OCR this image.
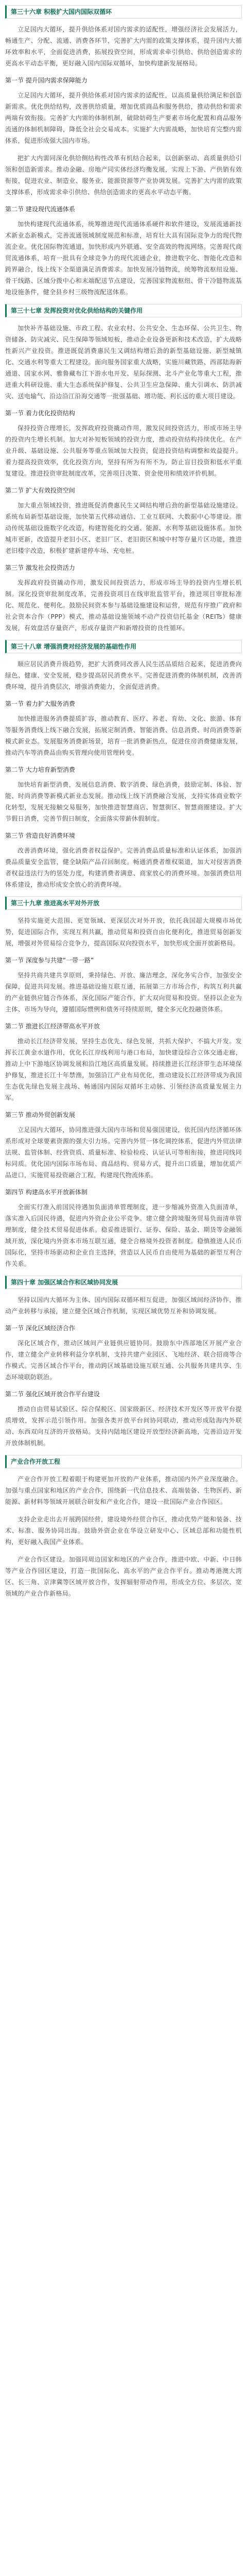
第三十六章 积极扩大国内国际双循环

立足国内大循环，提升供给体系对国内需求的适配性，增强经济社会发展活力，畅通生产、分配、流通、消费各环节，完善扩大内需的政策支撑体系，提升国内大循环效率和水平，全面促进消费，拓展投资空间，形成需求牵引供给、供给创造需求的更高水平动态平衡，更好融入国内国际双循环，加快构建新发展格局。

第一节 提升国内需求保障能力

立足国内大循环，提升供给体系对国内需求的适配性，以高质量供给满足和创造新需求。优化供给结构，改善供给质量，增加优质商品和服务供给，推动供给和需求两端有效衔接。完善扩大内需的体制机制，破除妨碍生产要素市场化配置和商品服务流通的体制机制障碍，降低全社会交易成本。实施扩大内需战略，加快培育完整内需体系，促进形成强大国内市场。

把扩大内需同深化供给侧结构性改革有机结合起来，以创新驱动、高质量供给引领和创造新需求。推动金融、房地产同实体经济均衡发展，实现上下游、产供销有效衔接，促进农业、制造业、服务业、能源资源等产业协调发展。完善扩大内需的政策支撑体系，形成需求牵引供给、供给创造需求的更高水平动态平衡。

第二节 建设现代流通体系

加快构建现代流通体系，统筹推进现代流通体系硬件和软件建设，发展流通新技术新业态新模式，完善流通领域制度规范和标准，培育壮大具有国际竞争力的现代物流企业。优化国际物流通道，加快形成内外联通、安全高效的物流网络。完善现代商贸流通体系，培育一批具有全球竞争力的现代流通企业，推进数字化、智能化改造和跨界融合，线上线下全渠道满足消费需求。加快发展冷链物流，统筹物流枢纽设施、骨干线路、区域分拨中心和末端配送节点建设，完善国家物流枢纽、骨干冷链物流基地设施条件，健全县乡村三级物流配送体系。

第三十七章 发挥投资对优化供给结构的关键作用

加快补齐基础设施、市政工程、农业农村、公共安全、生态环保、公共卫生、物资储备、防灾减灾、民生保障等领域短板，推动企业设备更新和技术改造，扩大战略性新兴产业投资。推进既促消费惠民生又调结构增后劲的新型基础设施、新型城镇化、交通水利等重大工程建设。面向服务国家重大战略，实施川藏铁路、西部陆海新通道、国家水网、雅鲁藏布江下游水电开发、星际探测、北斗产业化等重大工程，推进重大科研设施、重大生态系统保护修复、公共卫生应急保障、重大引调水、防洪减灾、送电输气、沿边沿江沿海交通等一批强基础、增功能、利长远的重大项目建设。

第一节 着力优化投资结构

保持投资合理增长，发挥政府投资撬动作用，激发民间投资活力，形成市场主导的投资内生增长机制。加大对补短板领域的投资力度，推动投资结构持续优化。在产业升级、基础设施、公共服务等重点领域加大投资，促进投资结构调整和效益提升。着力提高投资效率，优化投资方向，坚持有所为有所不为，防止盲目投资和低水平重复建设。推进投资审批制度改革，完善项目决策、资金使用和绩效评价机制。

第二节 扩大有效投资空间

加大重点领域投资，推进既促消费惠民生又调结构增后劲的新型基础设施建设。系统布局新型基础设施，加快第五代移动通信、工业互联网、大数据中心等建设。推动传统基础设施数字化改造，构建智能化的交通、能源、水利等基础设施体系。加快城市更新，改造提升老旧小区、老旧厂区、老旧街区和城中村等存量片区功能，推进老旧楼宇改造，积极扩建新建停车场、充电桩。

第三节 激发社会投资活力

发挥政府投资撬动作用，激发民间投资活力，形成市场主导的投资内生增长机制。深化投资审批制度改革，完善投资项目在线审批监管平台，推进项目审批标准化、规范化、便利化。鼓励民间资本参与基础设施建设和运营，规范有序推广政府和社会资本合作（PPP）模式，推动基础设施领域不动产投资信托基金（REITs）健康发展，有效盘活存量资产，形成存量资产和新增投资的良性循环。

第三十八章 增强消费对经济发展的基础性作用

顺应居民消费升级趋势，把扩大消费同改善人民生活品质结合起来，促进消费向绿色、健康、安全发展，稳步提高居民消费水平。完善促进消费的体制机制，改善消费环境，提升消费层次，增强消费能力，全面促进消费。

第一节 着力扩大服务消费

加快推进服务消费提质扩容，推动教育、医疗、养老、育幼、文化、旅游、体育等服务消费线上线下融合发展，拓展定制消费、智能消费、信息消费、时尚消费等新模式新业态。发展服务消费新场景，培育一批消费新热点，促进住房消费健康发展，推动汽车等消费品由购买管理向使用管理转变。

第二节 大力培育新型消费

加快培育新型消费，发展信息消费、数字消费、绿色消费，鼓励定制、体验、智能、时尚消费等新模式新业态发展。推动线上线下消费融合发展，支持实体商业数字化转型，发展无接触交易服务，加快推进智慧商店、智慧街区、智慧商圈建设。扩大节假日消费，完善节假日制度，全面落实带薪休假制度。

第三节 营造良好消费环境

改善消费环境，强化消费者权益保护。完善消费品质量标准和认证体系，加强消费品质量安全监管，健全缺陷产品召回制度。畅通消费者维权渠道，加大对侵害消费者权益违法行为的惩处力度，构建消费者满意、商家放心的消费环境。加强消费信用体系建设，推动形成安全放心的消费环境。

第三十九章 推进高水平对外开放

坚持实施更大范围、更宽领域、更深层次对外开放，依托我国超大规模市场优势，促进国际合作，实现互利共赢，推动贸易和投资自由化便利化，推进贸易创新发展，增强对外贸易综合竞争力，提高国际双向投资水平，加快形成全面开放新格局。

第一节 深度参与共建“一带一路”

坚持共商共建共享原则，秉持绿色、开放、廉洁理念，深化务实合作，加强安全保障，促进共同发展。推进基础设施互联互通，拓展第三方市场合作，构筑互利共赢的产业链供应链合作体系，深化国际产能合作，扩大双向贸易和投资。坚持以企业为主体、市场为导向，遵循国际惯例和债务可持续原则，健全多元化投融资体系。

第二节 推进长江经济带高水平开放

推动长江经济带发展，坚持生态优先、绿色发展，共抓大保护、不搞大开发。发挥长江黄金水道作用，优化长江岸线利用与港口布局，加快建设综合立体交通走廊，推动上中下游地区协调发展和沿江地区高质量发展。持续推进长江经济带生态环境保护修复，推进长江十年禁渔，加强沿江产业布局优化，推动建设长江经济带成为我国生态优先绿色发展主战场、畅通国内国际双循环主动脉、引领经济高质量发展主力军。

第三节 推动外贸创新发展

立足国内大循环，协同推进强大国内市场和贸易强国建设，依托国内经济循环体系形成对全球要素资源的强大引力场。完善内外贸一体化调控体系，促进内外贸法律法规、监管体制、经营资质、质量标准、检验检疫、认证认可等相衔接，推进同线同标同质。优化国内国际市场布局、商品结构、贸易方式，提升出口质量，增加优质产品进口，实施贸易投资融合工程，构建现代物流体系。

第四节 构建高水平开放新体制

全面实行准入前国民待遇加负面清单管理制度，进一步缩减外资准入负面清单，落实准入后国民待遇，促进内外资企业公平竞争。建立健全跨境服务贸易负面清单管理制度，健全技术贸易促进体系。稳妥推进银行、证券、保险、基金、期货等金融领域开放，深化境内外资本市场互联互通，健全合格境外投资者制度。稳慎推进人民币国际化，坚持市场驱动和企业自主选择，营造以人民币自由使用为基础的新型互利合作关系。

第四十章 加强区域合作和区域协同发展

坚持以国内大循环为主体、国内国际双循环相互促进，加强区域间经济协作，推动产业转移与承接，建立健全区域合作机制，实现区域优势互补和协调发展。

第一节 深化区域经济合作

深化区域合作，推动区域间产业链供应链协同。鼓励东中西部地区开展产业合作，建立健全产业转移利益分享机制，支持共建产业园区、飞地经济、联合招商等合作模式。完善区域合作平台，推动跨区域基础设施互联互通、公共服务共建共享、生态环境联防联治。

第二节 强化区域开放合作平台建设

推动自由贸易试验区、综合保税区、国家级新区、经济技术开发区等开放平台提质增效，发挥示范引领作用。加强各类开放平台间协同联动，推动形成陆海内外联动、东西双向互济的开放格局。支持内陆地区建设开放型经济新高地，完善沿边开发开放体制机制。

产业合作开放工程

产业合作开放工程着眼于构建更加开放的产业体系，推动国内外产业深度融合。加强与重点国家和地区的产业合作，围绕新一代信息技术、高端装备、生物医药、新能源、新材料等领域开展联合研发和产业化合作，建设一批国际产业合作园区。

支持企业走出去开展跨国经营，建设境外经贸合作区，推动优势产能和装备、技术、标准、服务协同出海。鼓励外资企业在华设立研发中心、区域总部和功能性机构，更好融入我国产业体系。

产业合作区建设。加强同周边国家和地区的产业合作，推进中欧、中新、中日韩等产业合作园区建设，打造一批国际化、高水平的产业合作平台。推动粤港澳大湾区、长三角、京津冀等区域开放合作，发挥辐射带动作用，形成全方位、多层次、宽领域的产业合作新格局。
